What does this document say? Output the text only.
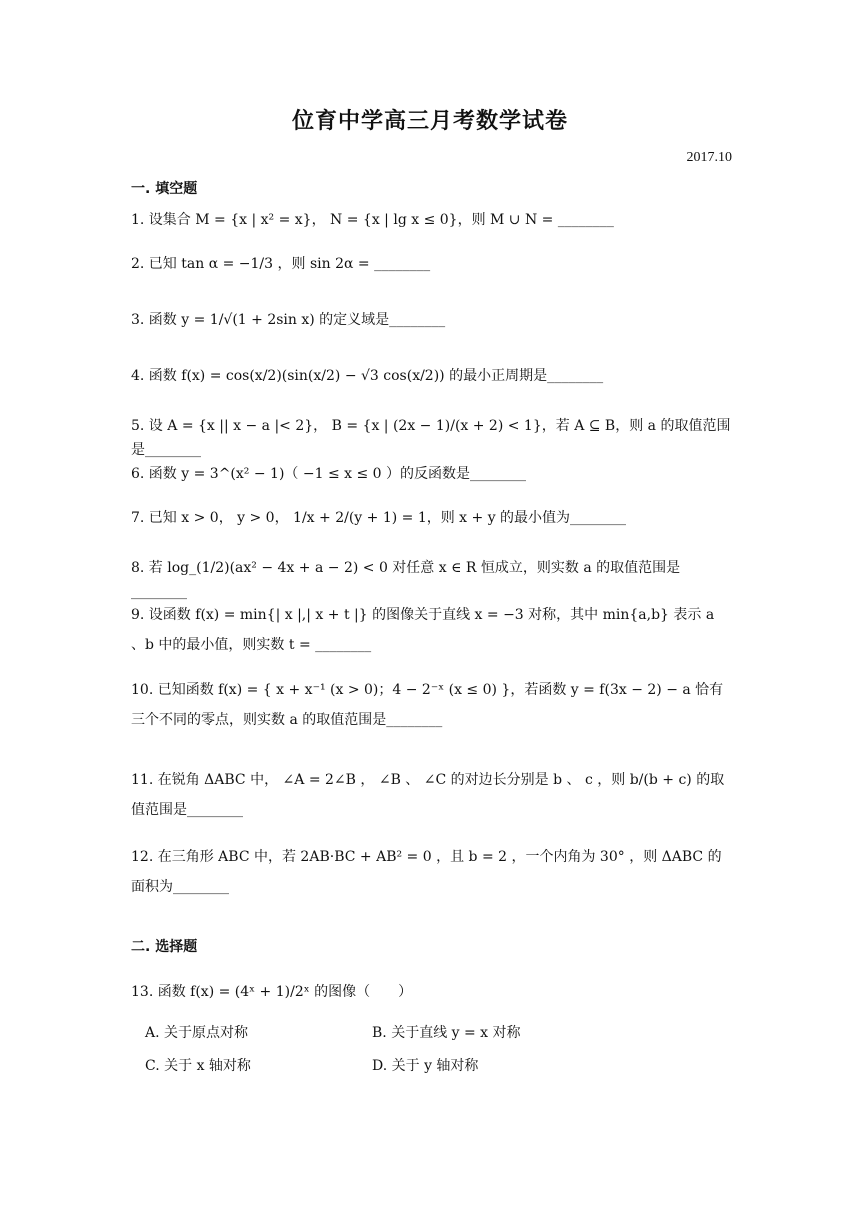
位育中学高三月考数学试卷
2017.10
一. 填空题
1. 设集合 M = {x | x² = x}， N = {x | lg x ≤ 0}，则 M ∪ N = ________
2. 已知 tan α = −1/3 ，则 sin 2α = ________
3. 函数 y = 1/√(1 + 2sin x) 的定义域是________
4. 函数 f(x) = cos(x/2)(sin(x/2) − √3 cos(x/2)) 的最小正周期是________
5. 设 A = {x || x − a |< 2}， B = {x | (2x − 1)/(x + 2) < 1}，若 A ⊆ B，则 a 的取值范围是________
6. 函数 y = 3^(x² − 1)（ −1 ≤ x ≤ 0 ）的反函数是________
7. 已知 x > 0， y > 0， 1/x + 2/(y + 1) = 1，则 x + y 的最小值为________
8. 若 log_(1/2)(ax² − 4x + a − 2) < 0 对任意 x ∈ R 恒成立，则实数 a 的取值范围是________
9. 设函数 f(x) = min{| x |,| x + t |} 的图像关于直线 x = −3 对称，其中 min{a,b} 表示 a 、b 中的最小值，则实数 t = ________
10. 已知函数 f(x) = { x + x⁻¹ (x > 0)；4 − 2⁻ˣ (x ≤ 0) }，若函数 y = f(3x − 2) − a 恰有三个不同的零点，则实数 a 的取值范围是________
11. 在锐角 ΔABC 中， ∠A = 2∠B ， ∠B 、 ∠C 的对边长分别是 b 、 c ，则 b/(b + c) 的取值范围是________
12. 在三角形 ABC 中，若 2AB·BC + AB² = 0 ，且 b = 2 ，一个内角为 30° ，则 ΔABC 的面积为________
二. 选择题
13. 函数 f(x) = (4ˣ + 1)/2ˣ 的图像（　　）
A. 关于原点对称	B. 关于直线 y = x 对称
C. 关于 x 轴对称	D. 关于 y 轴对称
